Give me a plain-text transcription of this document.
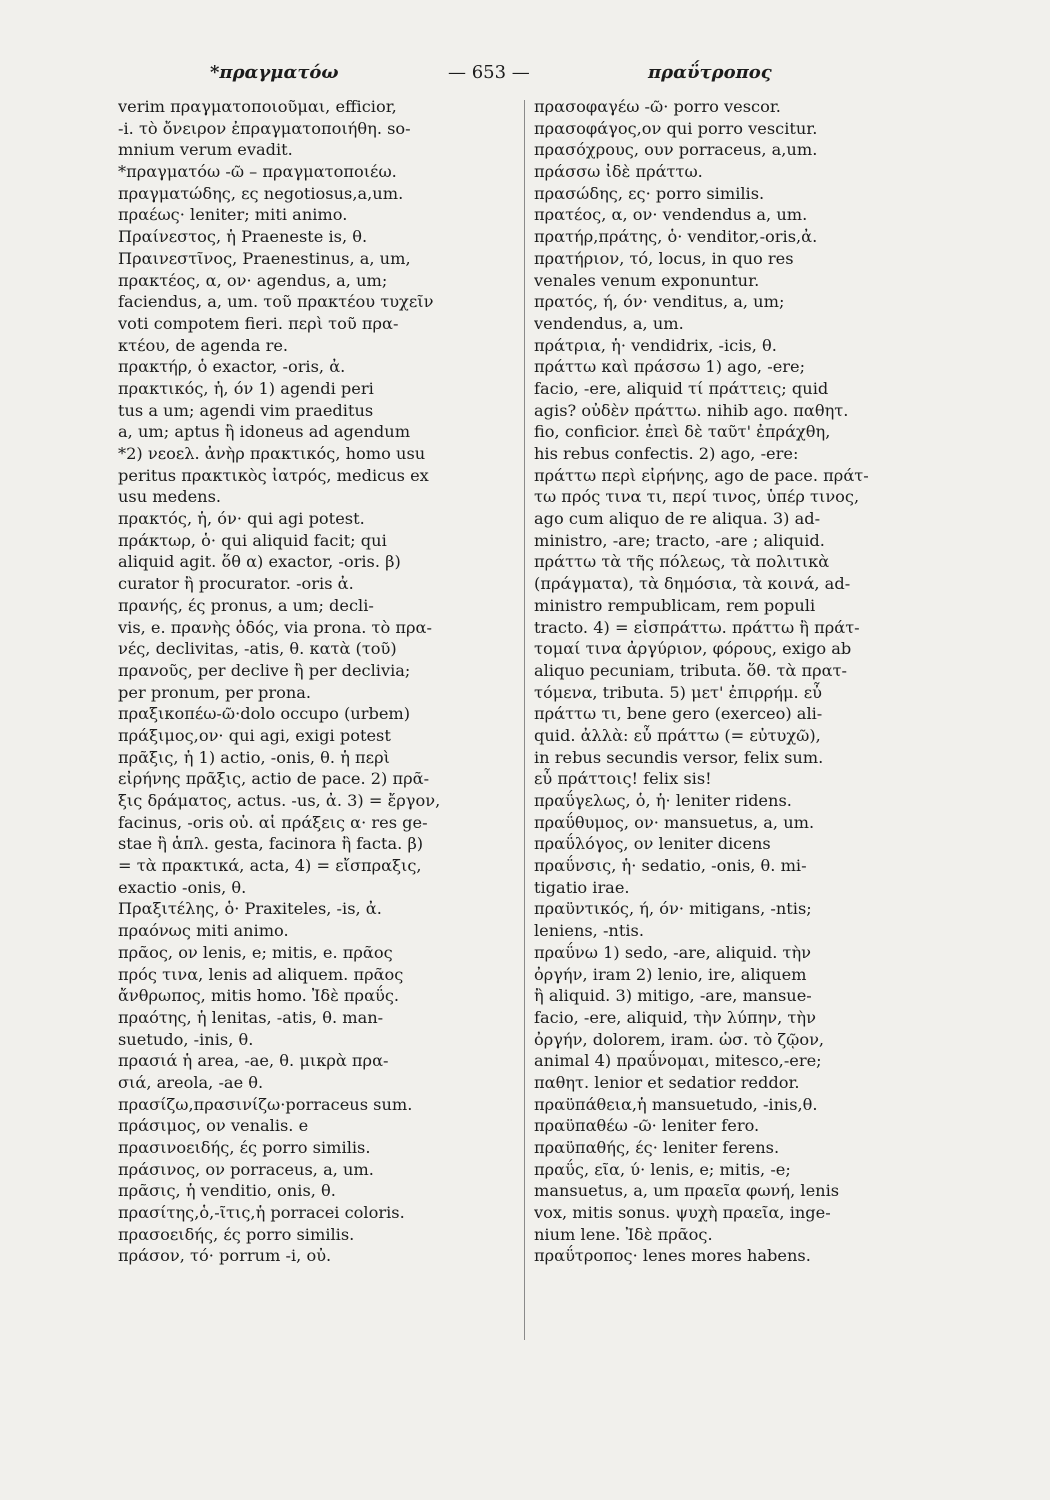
*πραγματόω	— 653 —	πραΰτροπος
verim πραγματοποιοῦμαι, efficior,
-i. τὸ ὄνειρον ἐπραγματοποιήθη. so-
mnium verum evadit.
*πραγματόω -ῶ – πραγματοποιέω.
πραγματώδης, ες negotiosus,a,um.
πραέως· leniter; miti animo.
Πραίνεστος, ἡ Praeneste is, θ.
Πραινεστῖνος, Praenestinus, a, um,
πρακτέος, α, ον· agendus, a, um;
faciendus, a, um. τοῦ πρακτέου τυχεῖν
voti compotem fieri. περὶ τοῦ πρα-
κτέου, de agenda re.
πρακτήρ, ὁ exactor, -oris, ἀ.
πρακτικός, ἡ, όν 1) agendi peri
tus a um; agendi vim praeditus
a, um; aptus ἢ idoneus ad agendum
*2) νεοελ. ἀνὴρ πρακτικός, homo usu
peritus πρακτικὸς ἰατρός, medicus ex
usu medens.
πρακτός, ἡ, όν· qui agi potest.
πράκτωρ, ὁ· qui aliquid facit; qui
aliquid agit. ὅθ α) exactor, -oris. β)
curator ἢ procurator. -oris ἀ.
πρανής, ές pronus, a um; decli-
vis, e. πρανὴς ὁδός, via prona. τὸ πρα-
νές, declivitas, -atis, θ. κατὰ (τοῦ)
πρανοῦς, per declive ἢ per declivia;
per pronum, per prona.
πραξικοπέω-ῶ·dolo occupo (urbem)
πράξιμος,ον· qui agi, exigi potest
πρᾶξις, ἡ 1) actio, -onis, θ. ἡ περὶ
εἰρήνης πρᾶξις, actio de pace. 2) πρᾶ-
ξις δράματος, actus. -us, ἀ. 3) = ἔργον,
facinus, -oris οὐ. αἱ πράξεις α· res ge-
stae ἢ ἁπλ. gesta, facinora ἢ facta. β)
= τὰ πρακτικά, acta, 4) = εἴσπραξις,
exactio -onis, θ.
Πραξιτέλης, ὁ· Praxiteles, -is, ἀ.
πραόνως miti animo.
πρᾶος, ον lenis, e; mitis, e. πρᾶος
πρός τινα, lenis ad aliquem. πρᾶος
ἄνθρωπος, mitis homo. Ἰδὲ πραΰς.
πραότης, ἡ lenitas, -atis, θ. man-
suetudo, -inis, θ.
πρασιά ἡ area, -ae, θ. μικρὰ πρα-
σιά, areola, -ae θ.
πρασίζω,πρασινίζω·porraceus sum.
πράσιμος, ον venalis. e
πρασινοειδής, ές porro similis.
πράσινος, ον porraceus, a, um.
πρᾶσις, ἡ venditio, onis, θ.
πρασίτης,ὁ,-ῖτις,ἡ porracei coloris.
πρασοειδής, ές porro similis.
πράσον, τό· porrum -i, οὐ.
πρασοφαγέω -ῶ· porro vescor.
πρασοφάγος,ον qui porro vescitur.
πρασόχρους, ουν porraceus, a,um.
πράσσω ἰδὲ πράττω.
πρασώδης, ες· porro similis.
πρατέος, α, ον· vendendus a, um.
πρατήρ,πράτης, ὁ· venditor,-oris,ἀ.
πρατήριον, τό, locus, in quo res
venales venum exponuntur.
πρατός, ή, όν· venditus, a, um;
vendendus, a, um.
πράτρια, ἡ· vendidrix, -icis, θ.
πράττω καὶ πράσσω 1) ago, -ere;
facio, -ere, aliquid τί πράττεις; quid
agis? οὐδὲν πράττω. nihib ago. παθητ.
fio, conficior. ἐπεὶ δὲ ταῦτ' ἐπράχθη,
his rebus confectis. 2) ago, -ere:
πράττω περὶ εἰρήνης, ago de pace. πράτ-
τω πρός τινα τι, περί τινος, ὑπέρ τινος,
ago cum aliquo de re aliqua. 3) ad-
ministro, -are; tracto, -are ; aliquid.
πράττω τὰ τῆς πόλεως, τὰ πολιτικὰ
(πράγματα), τὰ δημόσια, τὰ κοινά, ad-
ministro rempublicam, rem populi
tracto. 4) = εἰσπράττω. πράττω ἢ πράτ-
τομαί τινα ἀργύριον, φόρους, exigo ab
aliquo pecuniam, tributa. ὅθ. τὰ πρατ-
τόμενα, tributa. 5) μετ' ἐπιρρήμ. εὖ
πράττω τι, bene gero (exerceo) ali-
quid. ἀλλὰ: εὖ πράττω (= εὐτυχῶ),
in rebus secundis versor, felix sum.
εὖ πράττοις! felix sis!
πραΰγελως, ὁ, ἡ· leniter ridens.
πραΰθυμος, ον· mansuetus, a, um.
πραΰλόγος, ον leniter dicens
πραΰνσις, ἡ· sedatio, -onis, θ. mi-
tigatio irae.
πραϋντικός, ή, όν· mitigans, -ntis;
leniens, -ntis.
πραΰνω 1) sedo, -are, aliquid. τὴν
ὀργήν, iram 2) lenio, ire, aliquem
ἢ aliquid. 3) mitigo, -are, mansue-
facio, -ere, aliquid, τὴν λύπην, τὴν
ὀργήν, dolorem, iram. ὡσ. τὸ ζῷον,
animal 4) πραΰνομαι, mitesco,-ere;
παθητ. lenior et sedatior reddor.
πραϋπάθεια,ἡ mansuetudo, -inis,θ.
πραϋπαθέω -ῶ· leniter fero.
πραϋπαθής, ές· leniter ferens.
πραΰς, εῖα, ύ· lenis, e; mitis, -e;
mansuetus, a, um πραεῖα φωνή, lenis
vox, mitis sonus. ψυχὴ πραεῖα, inge-
nium lene. Ἰδὲ πρᾶος.
πραΰτροπος· lenes mores habens.
